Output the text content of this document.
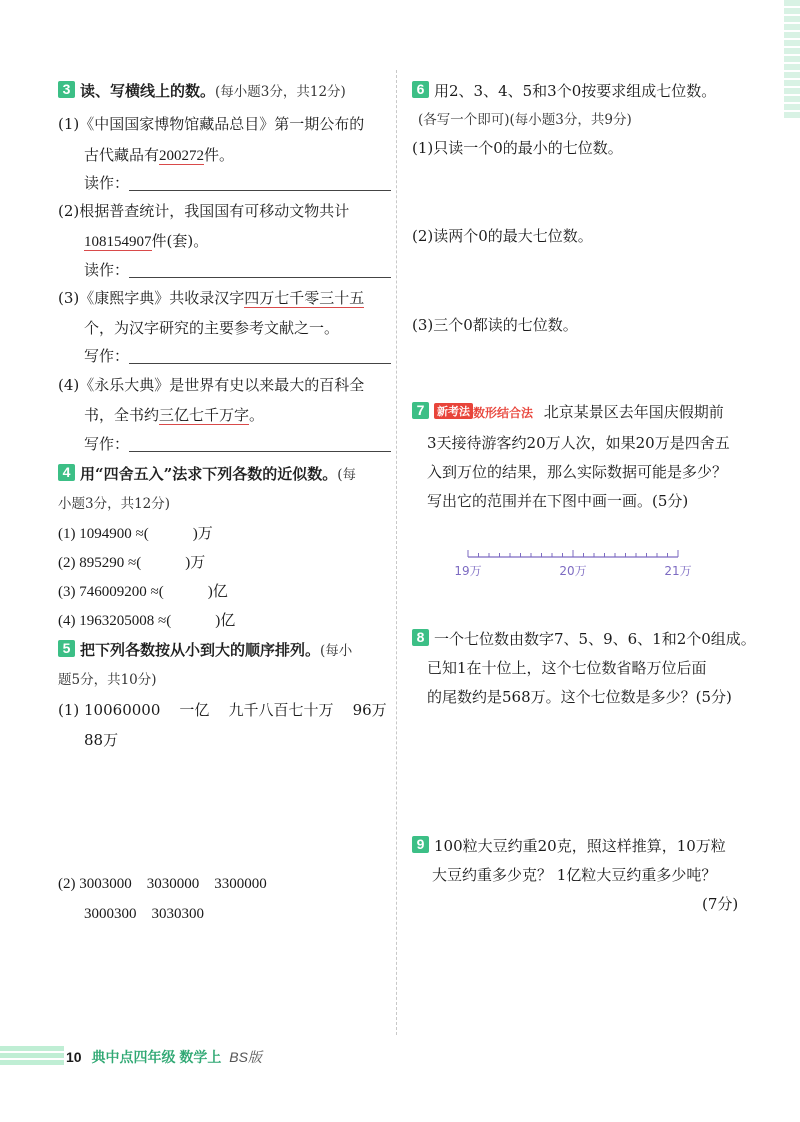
3 读、写横线上的数。(每小题3分，共12分)
(1)《中国国家博物馆藏品总目》第一期公布的
古代藏品有200272件。
读作：
(2)根据普查统计，我国国有可移动文物共计
108154907件(套)。
读作：
(3)《康熙字典》共收录汉字四万七千零三十五
个，为汉字研究的主要参考文献之一。
写作：
(4)《永乐大典》是世界有史以来最大的百科全
书，全书约三亿七千万字。
写作：
4 用“四舍五入”法求下列各数的近似数。(每
小题3分，共12分)
(1) 1094900 ≈(	)万
(2) 895290 ≈(	)万
(3) 746009200 ≈(	)亿
(4) 1963205008 ≈(	)亿
5 把下列各数按从小到大的顺序排列。(每小
题5分，共10分)
(1) 10060000    一亿    九千八百七十万    96万
88万
(2) 3003000    3030000    3300000
3000300    3030300
6 用2、3、4、5和3个0按要求组成七位数。
(各写一个即可)(每小题3分，共9分)
(1)只读一个0的最小的七位数。
(2)读两个0的最大七位数。
(3)三个0都读的七位数。
7 新考法 数形结合法 北京某景区去年国庆假期前
3天接待游客约20万人次，如果20万是四舍五
入到万位的结果，那么实际数据可能是多少？
写出它的范围并在下图中画一画。(5分)
19万	20万	21万
8 一个七位数由数字7、5、9、6、1和2个0组成。
已知1在十位上，这个七位数省略万位后面
的尾数约是568万。这个七位数是多少？(5分)
9 100粒大豆约重20克，照这样推算，10万粒
大豆约重多少克？ 1亿粒大豆约重多少吨？
(7分)
10 典中点四年级 数学上 BS版
